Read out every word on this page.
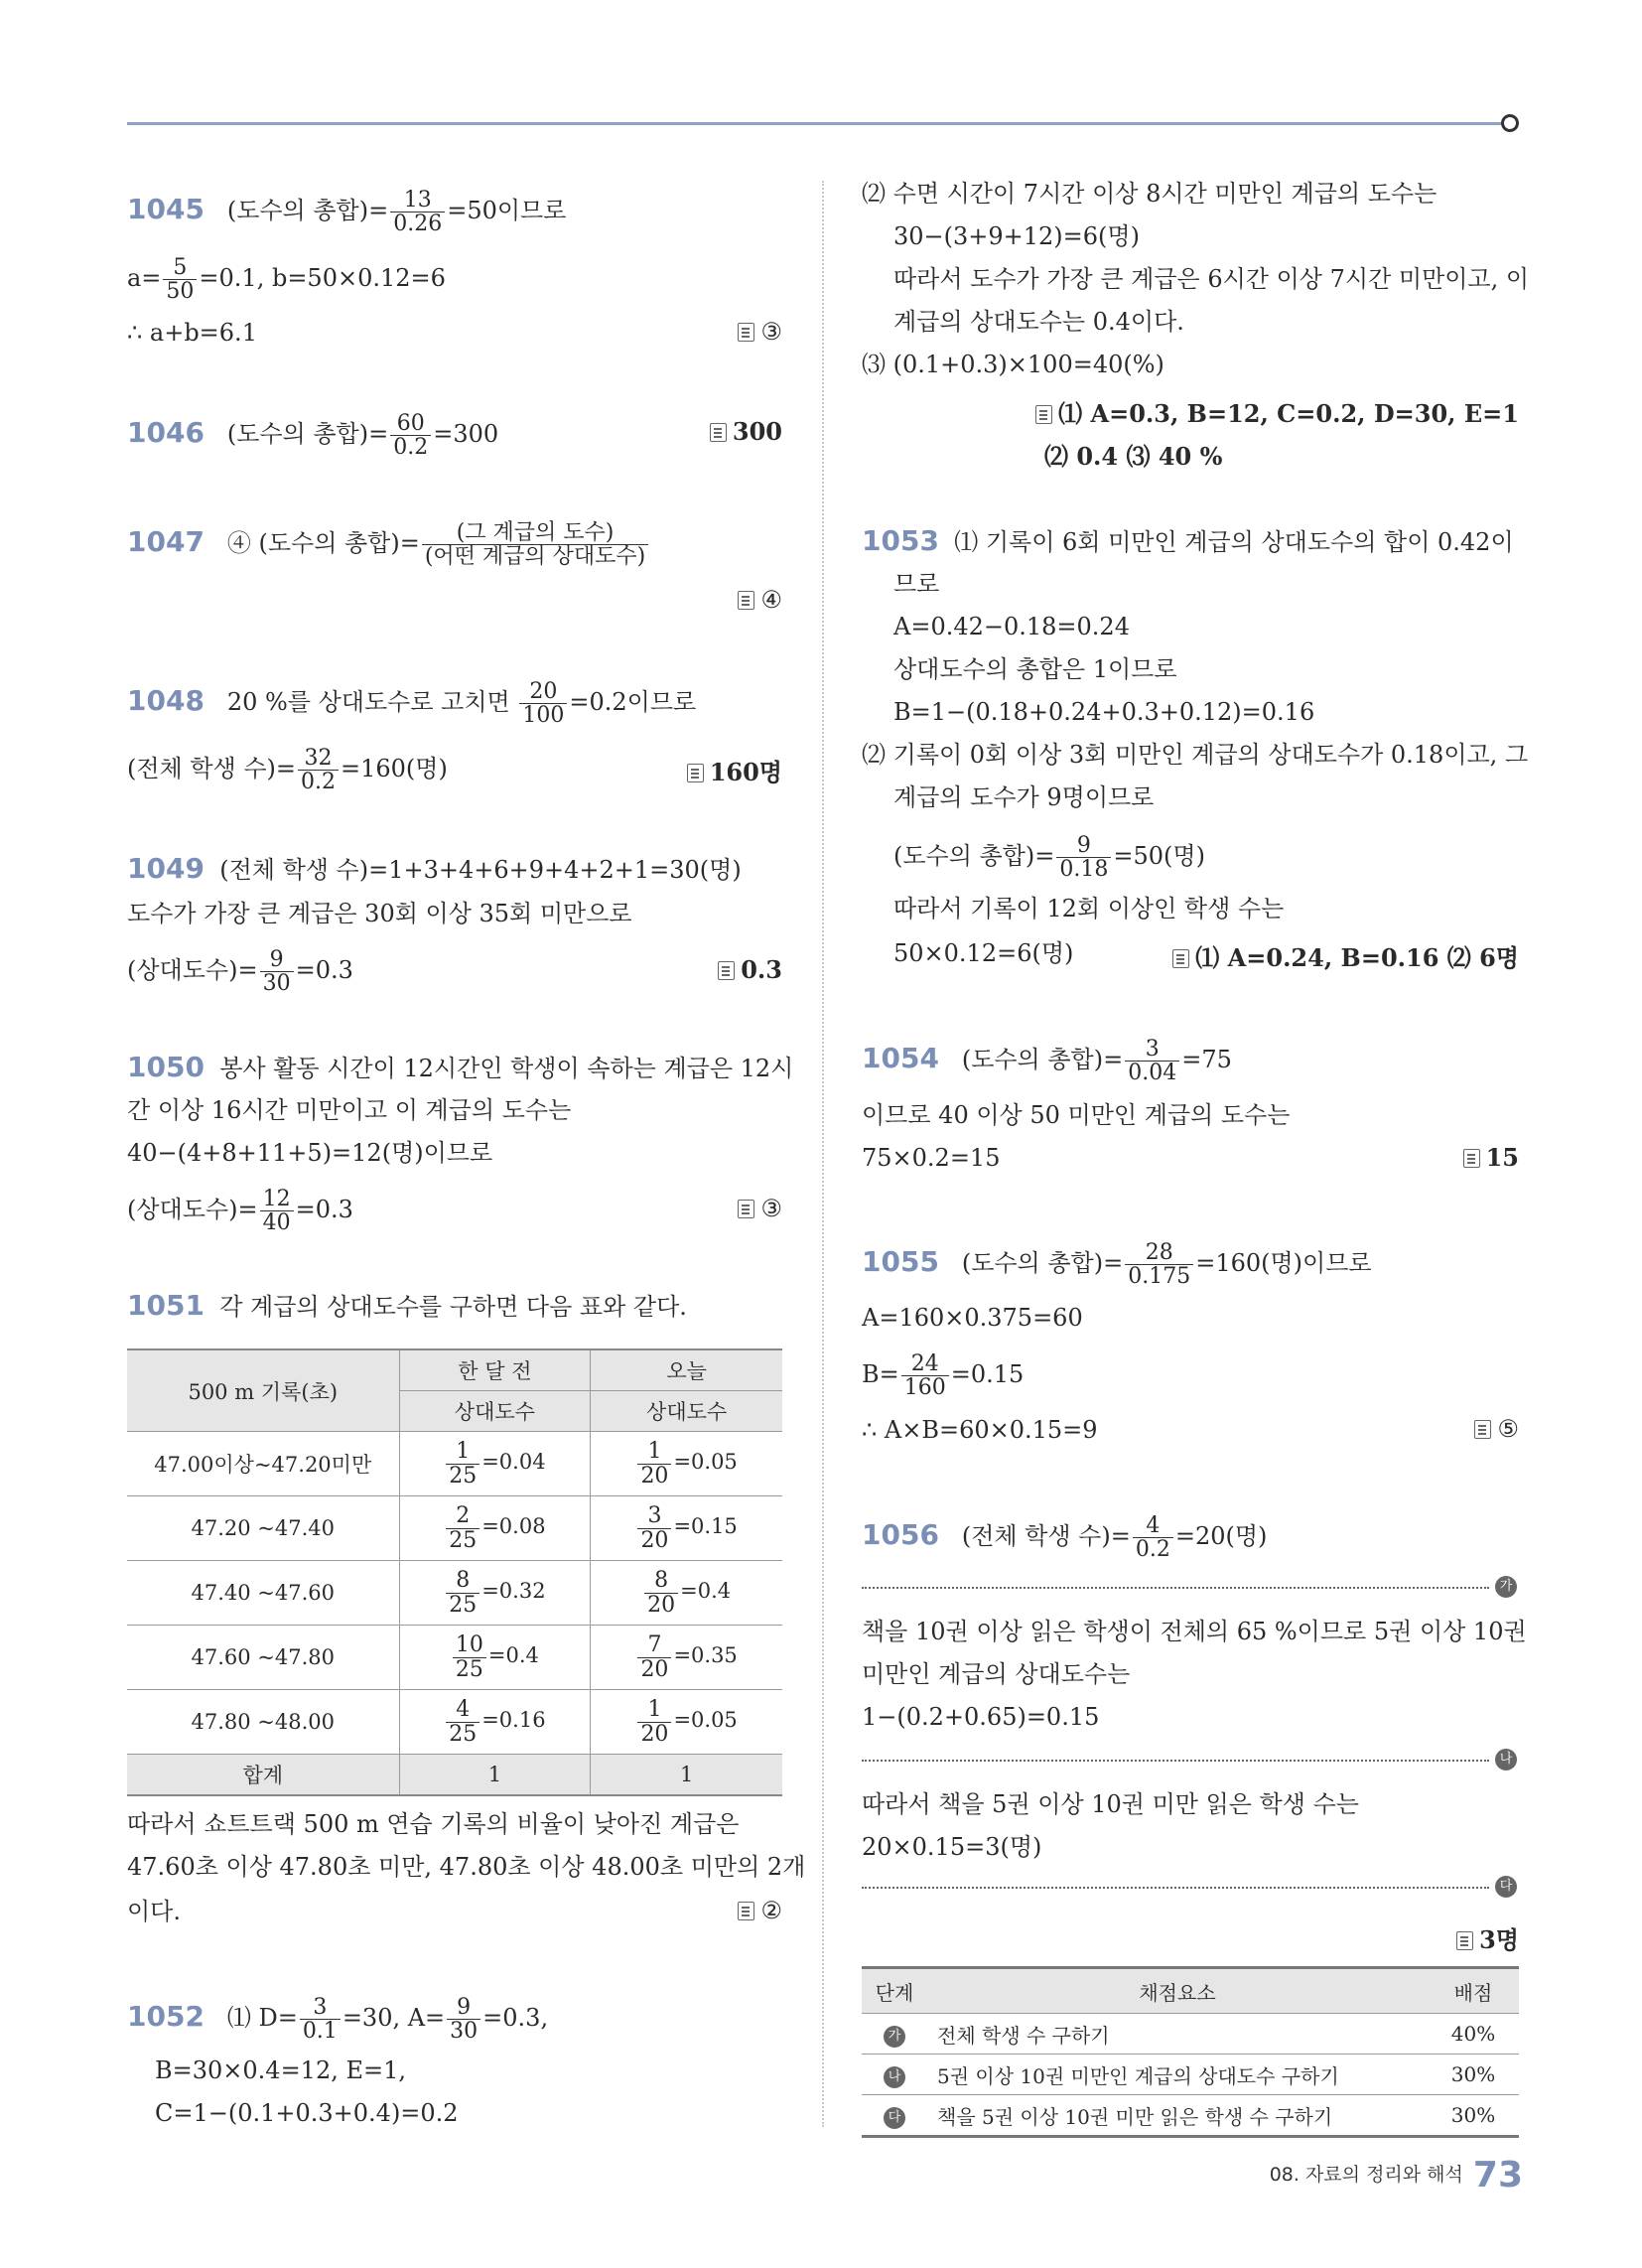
1045 (도수의 총합)= $\frac{13}{0.26} =50$이므로
$a= \frac{5}{50} =0.1$, b=50×0.12=6
∴ a+b=6.1	③
1046 (도수의 총합)= $\frac{60}{0.2} =300$	300
1047 ④ (도수의 총합)= $\frac{\text{(그 계급의 도수)}}{\text{(어떤 계급의 상대도수)}}$
④
1048 20 %를 상대도수로 고치면 $\frac{20}{100} =0.2$이므로
(전체 학생 수)= $\frac{32}{0.2} =160$(명)	160명
1049 (전체 학생 수)=1+3+4+6+9+4+2+1=30(명)
도수가 가장 큰 계급은 30회 이상 35회 미만으로
(상대도수)= $\frac{9}{30} =0.3$	0.3
1050 봉사 활동 시간이 12시간인 학생이 속하는 계급은 12시
간 이상 16시간 미만이고 이 계급의 도수는
40−(4+8+11+5)=12(명)이므로
(상대도수)= $\frac{12}{40} =0.3$	③
1051 각 계급의 상대도수를 구하면 다음 표와 같다.
500 m 기록(초)	한 달 전	오늘
	상대도수	상대도수
47.00이상~47.20미만	$\frac{1}{25} =0.04$	$\frac{1}{20} =0.05$
47.20 ~47.40	$\frac{2}{25} =0.08$	$\frac{3}{20} =0.15$
47.40 ~47.60	$\frac{8}{25} =0.32$	$\frac{8}{20} =0.4$
47.60 ~47.80	$\frac{10}{25} =0.4$	$\frac{7}{20} =0.35$
47.80 ~48.00	$\frac{4}{25} =0.16$	$\frac{1}{20} =0.05$
합계	1	1
따라서 쇼트트랙 500 m 연습 기록의 비율이 낮아진 계급은
47.60초 이상 47.80초 미만, 47.80초 이상 48.00초 미만의 2개
이다.	②
1052 ⑴ $D= \frac{3}{0.1} =30$, $A= \frac{9}{30} =0.3$,
B=30×0.4=12, E=1,
C=1−(0.1+0.3+0.4)=0.2
⑵ 수면 시간이 7시간 이상 8시간 미만인 계급의 도수는
30−(3+9+12)=6(명)
따라서 도수가 가장 큰 계급은 6시간 이상 7시간 미만이고, 이
계급의 상대도수는 0.4이다.
⑶ (0.1+0.3)×100=40(%)
⑴ A=0.3, B=12, C=0.2, D=30, E=1
⑵ 0.4 ⑶ 40 %
1053 ⑴ 기록이 6회 미만인 계급의 상대도수의 합이 0.42이
므로
A=0.42−0.18=0.24
상대도수의 총합은 1이므로
B=1−(0.18+0.24+0.3+0.12)=0.16
⑵ 기록이 0회 이상 3회 미만인 계급의 상대도수가 0.18이고, 그
계급의 도수가 9명이므로
(도수의 총합)= $\frac{9}{0.18} =50$(명)
따라서 기록이 12회 이상인 학생 수는
50×0.12=6(명)	⑴ A=0.24, B=0.16 ⑵ 6명
1054 (도수의 총합)= $\frac{3}{0.04} =75$
이므로 40 이상 50 미만인 계급의 도수는
75×0.2=15	15
1055 (도수의 총합)= $\frac{28}{0.175} =160$(명)이므로
A=160×0.375=60
$B= \frac{24}{160} =0.15$
∴ A×B=60×0.15=9	⑤
1056 (전체 학생 수)= $\frac{4}{0.2} =20$(명)
가
책을 10권 이상 읽은 학생이 전체의 65 %이므로 5권 이상 10권
미만인 계급의 상대도수는
1−(0.2+0.65)=0.15
나
따라서 책을 5권 이상 10권 미만 읽은 학생 수는
20×0.15=3(명)
다
3명
단계	채점요소	배점
가	전체 학생 수 구하기	40%
나	5권 이상 10권 미만인 계급의 상대도수 구하기	30%
다	책을 5권 이상 10권 미만 읽은 학생 수 구하기	30%
08. 자료의 정리와 해석 73
